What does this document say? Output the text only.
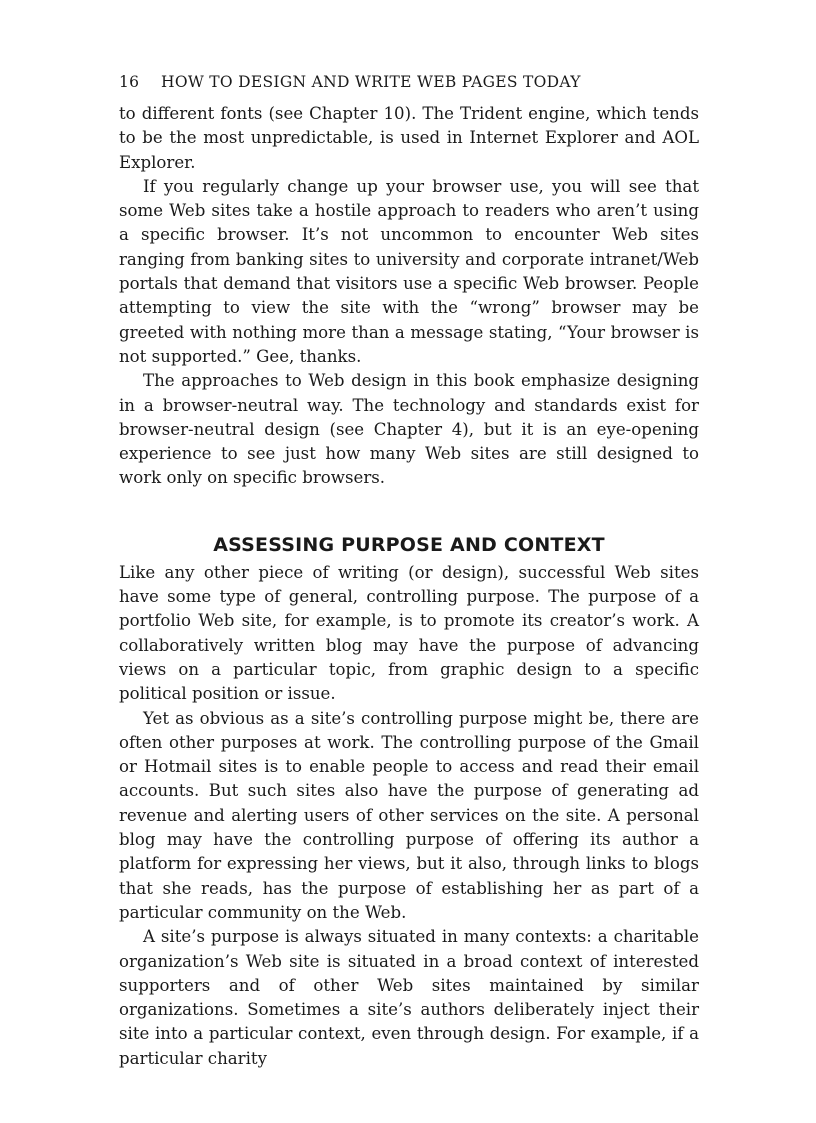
16 HOW TO DESIGN AND WRITE WEB PAGES TODAY

to different fonts (see Chapter 10). The Trident engine, which tends to be the most unpredictable, is used in Internet Explorer and AOL Explorer.

If you regularly change up your browser use, you will see that some Web sites take a hostile approach to readers who aren’t using a specific browser. It’s not uncommon to encounter Web sites ranging from banking sites to university and corporate intranet/Web portals that demand that visitors use a specific Web browser. People attempting to view the site with the “wrong” browser may be greeted with nothing more than a message stating, “Your browser is not supported.” Gee, thanks.

The approaches to Web design in this book emphasize designing in a browser-neutral way. The technology and standards exist for browser-neutral design (see Chapter 4), but it is an eye-opening experience to see just how many Web sites are still designed to work only on specific browsers.

ASSESSING PURPOSE AND CONTEXT

Like any other piece of writing (or design), successful Web sites have some type of general, controlling purpose. The purpose of a portfolio Web site, for example, is to promote its creator’s work. A collaboratively written blog may have the purpose of advancing views on a particular topic, from graphic design to a specific political position or issue.

Yet as obvious as a site’s controlling purpose might be, there are often other purposes at work. The controlling purpose of the Gmail or Hotmail sites is to enable people to access and read their email accounts. But such sites also have the purpose of generating ad revenue and alerting users of other services on the site. A personal blog may have the controlling purpose of offering its author a platform for expressing her views, but it also, through links to blogs that she reads, has the purpose of establishing her as part of a particular community on the Web.

A site’s purpose is always situated in many contexts: a charitable organization’s Web site is situated in a broad context of interested supporters and of other Web sites maintained by similar organizations. Sometimes a site’s authors deliberately inject their site into a particular context, even through design. For example, if a particular charity
